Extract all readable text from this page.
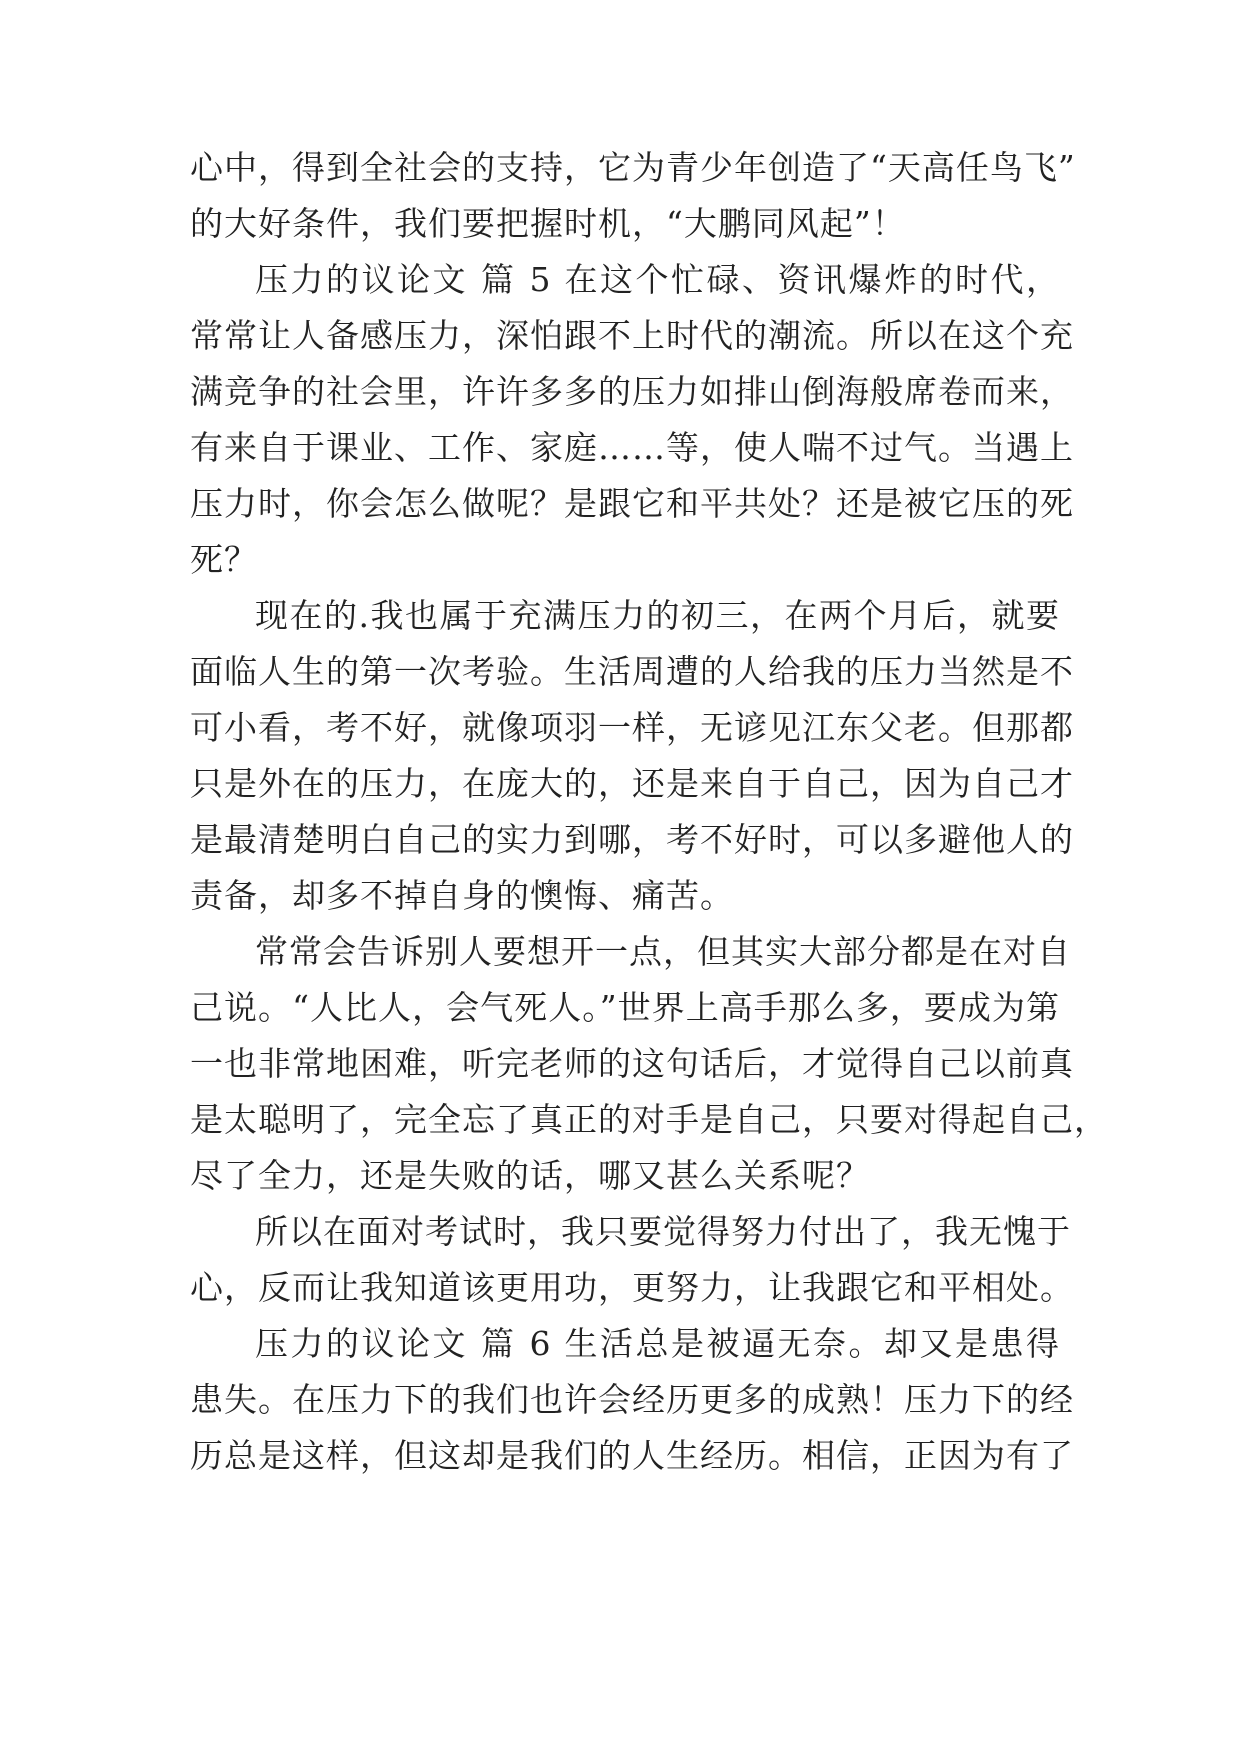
心中，得到全社会的支持，它为青少年创造了“天高任鸟飞”
的大好条件，我们要把握时机，“大鹏同风起”！
压力的议论文 篇 5 在这个忙碌、资讯爆炸的时代，
常常让人备感压力，深怕跟不上时代的潮流。所以在这个充
满竞争的社会里，许许多多的压力如排山倒海般席卷而来，
有来自于课业、工作、家庭……等，使人喘不过气。当遇上
压力时，你会怎么做呢？是跟它和平共处？还是被它压的死
死？
现在的.我也属于充满压力的初三，在两个月后，就要
面临人生的第一次考验。生活周遭的人给我的压力当然是不
可小看，考不好，就像项羽一样，无谚见江东父老。但那都
只是外在的压力，在庞大的，还是来自于自己，因为自己才
是最清楚明白自己的实力到哪，考不好时，可以多避他人的
责备，却多不掉自身的懊悔、痛苦。
常常会告诉别人要想开一点，但其实大部分都是在对自
己说。“人比人，会气死人。”世界上高手那么多，要成为第
一也非常地困难，听完老师的这句话后，才觉得自己以前真
是太聪明了，完全忘了真正的对手是自己，只要对得起自己，
尽了全力，还是失败的话，哪又甚么关系呢？
所以在面对考试时，我只要觉得努力付出了，我无愧于
心，反而让我知道该更用功，更努力，让我跟它和平相处。
压力的议论文 篇 6 生活总是被逼无奈。却又是患得
患失。在压力下的我们也许会经历更多的成熟！压力下的经
历总是这样，但这却是我们的人生经历。相信，正因为有了
